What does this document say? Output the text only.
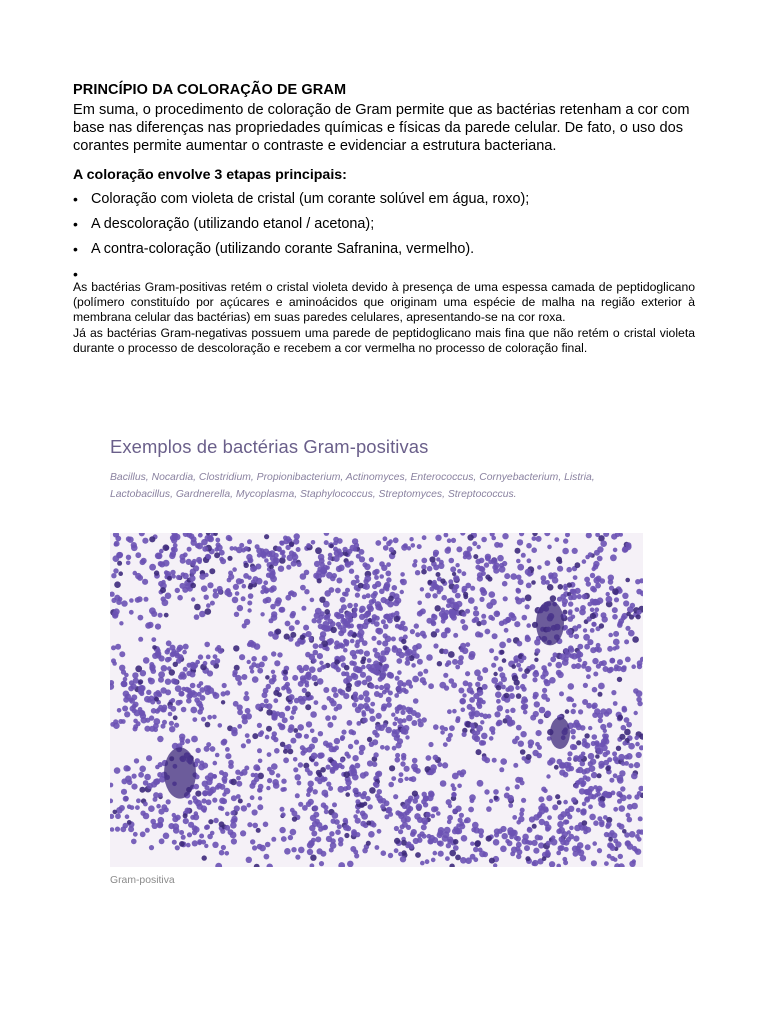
PRINCÍPIO DA COLORAÇÃO DE GRAM
Em suma, o procedimento de coloração de Gram permite que as bactérias retenham a cor com base nas diferenças nas propriedades químicas e físicas da parede celular. De fato, o uso dos corantes permite aumentar o contraste e evidenciar a estrutura bacteriana.
A coloração envolve 3 etapas principais:
• Coloração com violeta de cristal (um corante solúvel em água, roxo);
• A descoloração (utilizando etanol / acetona);
• A contra-coloração (utilizando corante Safranina, vermelho).
•

As bactérias Gram-positivas retém o cristal violeta devido à presença de uma espessa camada de peptidoglicano (polímero constituído por açúcares e aminoácidos que originam uma espécie de malha na região exterior à membrana celular das bactérias) em suas paredes celulares, apresentando-se na cor roxa.

Já as bactérias Gram-negativas possuem uma parede de peptidoglicano mais fina que não retém o cristal violeta durante o processo de descoloração e recebem a cor vermelha no processo de coloração final.

Exemplos de bactérias Gram-positivas
Bacillus, Nocardia, Clostridium, Propionibacterium, Actinomyces, Enterococcus, Cornyebacterium, Listria, Lactobacillus, Gardnerella, Mycoplasma, Staphylococcus, Streptomyces, Streptococcus.
Gram-positiva
